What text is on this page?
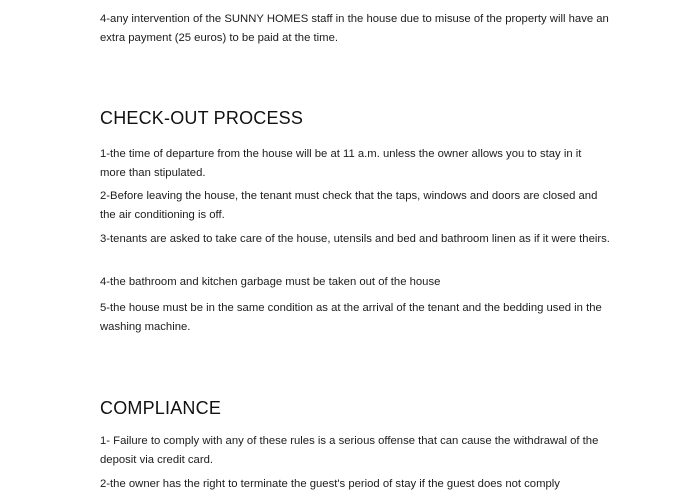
4-any intervention of the SUNNY HOMES staff in the house due to misuse of the property will have an extra payment (25 euros) to be paid at the time.

CHECK-OUT PROCESS

1-the time of departure from the house will be at 11 a.m. unless the owner allows you to stay in it more than stipulated.

2-Before leaving the house, the tenant must check that the taps, windows and doors are closed and the air conditioning is off.

3-tenants are asked to take care of the house, utensils and bed and bathroom linen as if it were theirs.

4-the bathroom and kitchen garbage must be taken out of the house

5-the house must be in the same condition as at the arrival of the tenant and the bedding used in the washing machine.

COMPLIANCE

1- Failure to comply with any of these rules is a serious offense that can cause the withdrawal of the deposit via credit card.

2-the owner has the right to terminate the guest's period of stay if the guest does not comply
